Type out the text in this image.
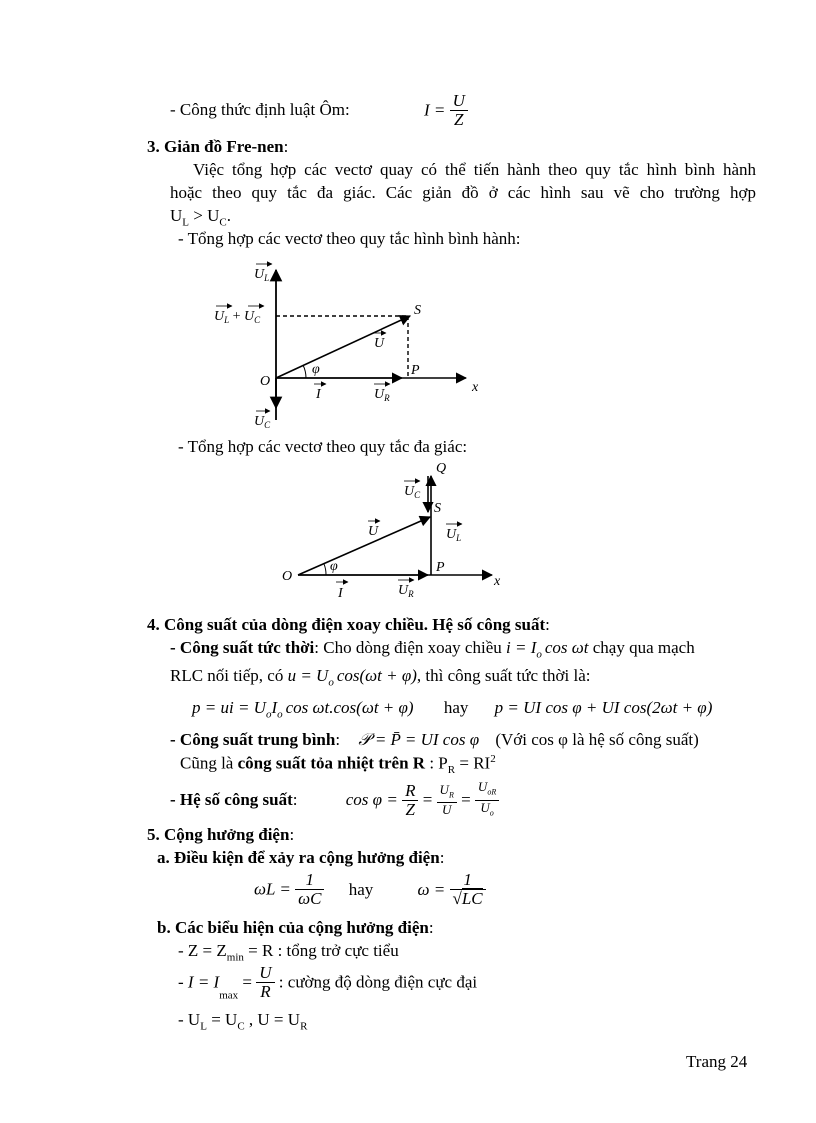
- Công thức định luật Ôm:	$I = \frac{U}{Z}$
3. Giản đồ Fre-nen:
Việc tổng hợp các vectơ quay có thể tiến hành theo quy tắc hình bình hành
hoặc theo quy tắc đa giác. Các giản đồ ở các hình sau vẽ cho trường hợp
$U_L > U_C$.
- Tổng hợp các vectơ theo quy tắc hình bình hành:
$U_L$
$U_L + U_C$
S
U
φ
O
P
x
I	$U_R$
$U_C$
- Tổng hợp các vectơ theo quy tắc đa giác:
Q
$U_C$
S
U	$U_L$
φ
O
P
x
I	$U_R$
4. Công suất của dòng điện xoay chiều. Hệ số công suất:
- Công suất tức thời: Cho dòng điện xoay chiều $i = I_o$ cos ωt chạy qua mạch
RLC nối tiếp, có $u = U_o$ cos(ωt + φ), thì công suất tức thời là:
p = ui = $U_oI_o$ cos ωt.cos(ωt + φ) hay p = UI cos φ + UI cos(2ωt + φ)
- Công suất trung bình: 𝒫 = P̄ = UI cos φ (Với cos φ là hệ số công suất)
Cũng là công suất tỏa nhiệt trên R : $P_R = RI^2$
- Hệ số công suất:	$\cos \varphi = \frac{R}{Z} = \frac{U_R}{U} = \frac{U_{oR}}{U_o}$
5. Cộng hưởng điện:
a. Điều kiện để xảy ra cộng hưởng điện:
$\omega L = \frac{1}{\omega C}$ hay	$\omega = \frac{1}{√LC}$
b. Các biểu hiện của cộng hưởng điện:
- $Z = Z_{min} = R$ : tổng trở cực tiểu
- $I = I_{max} = \frac{U}{R}$ : cường độ dòng điện cực đại
- $U_L = U_C$ , $U = U_R$
Trang 24
